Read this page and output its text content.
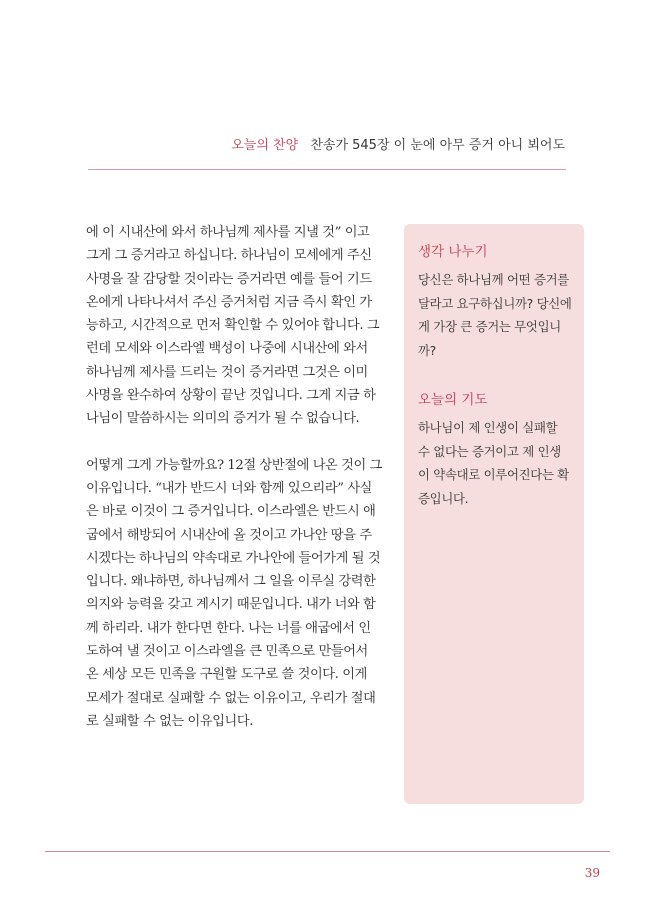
오늘의 찬양 찬송가 545장 이 눈에 아무 증거 아니 뵈어도

에 이 시내산에 와서 하나님께 제사를 지낼 것” 이고 그게 그 증거라고 하십니다. 하나님이 모세에게 주신 사명을 잘 감당할 것이라는 증거라면 예를 들어 기드온에게 나타나셔서 주신 증거처럼 지금 즉시 확인 가능하고, 시간적으로 먼저 확인할 수 있어야 합니다. 그런데 모세와 이스라엘 백성이 나중에 시내산에 와서 하나님께 제사를 드리는 것이 증거라면 그것은 이미 사명을 완수하여 상황이 끝난 것입니다. 그게 지금 하나님이 말씀하시는 의미의 증거가 될 수 없습니다.

어떻게 그게 가능할까요? 12절 상반절에 나온 것이 그 이유입니다. “내가 반드시 너와 함께 있으리라” 사실은 바로 이것이 그 증거입니다. 이스라엘은 반드시 애굽에서 해방되어 시내산에 올 것이고 가나안 땅을 주시겠다는 하나님의 약속대로 가나안에 들어가게 될 것입니다. 왜냐하면, 하나님께서 그 일을 이루실 강력한 의지와 능력을 갖고 계시기 때문입니다. 내가 너와 함께 하리라. 내가 한다면 한다. 나는 너를 애굽에서 인도하여 낼 것이고 이스라엘을 큰 민족으로 만들어서 온 세상 모든 민족을 구원할 도구로 쓸 것이다. 이게 모세가 절대로 실패할 수 없는 이유이고, 우리가 절대로 실패할 수 없는 이유입니다.

생각 나누기
당신은 하나님께 어떤 증거를 달라고 요구하십니까? 당신에게 가장 큰 증거는 무엇입니까?
오늘의 기도
하나님이 제 인생이 실패할 수 없다는 증거이고 제 인생이 약속대로 이루어진다는 확증입니다.
39
